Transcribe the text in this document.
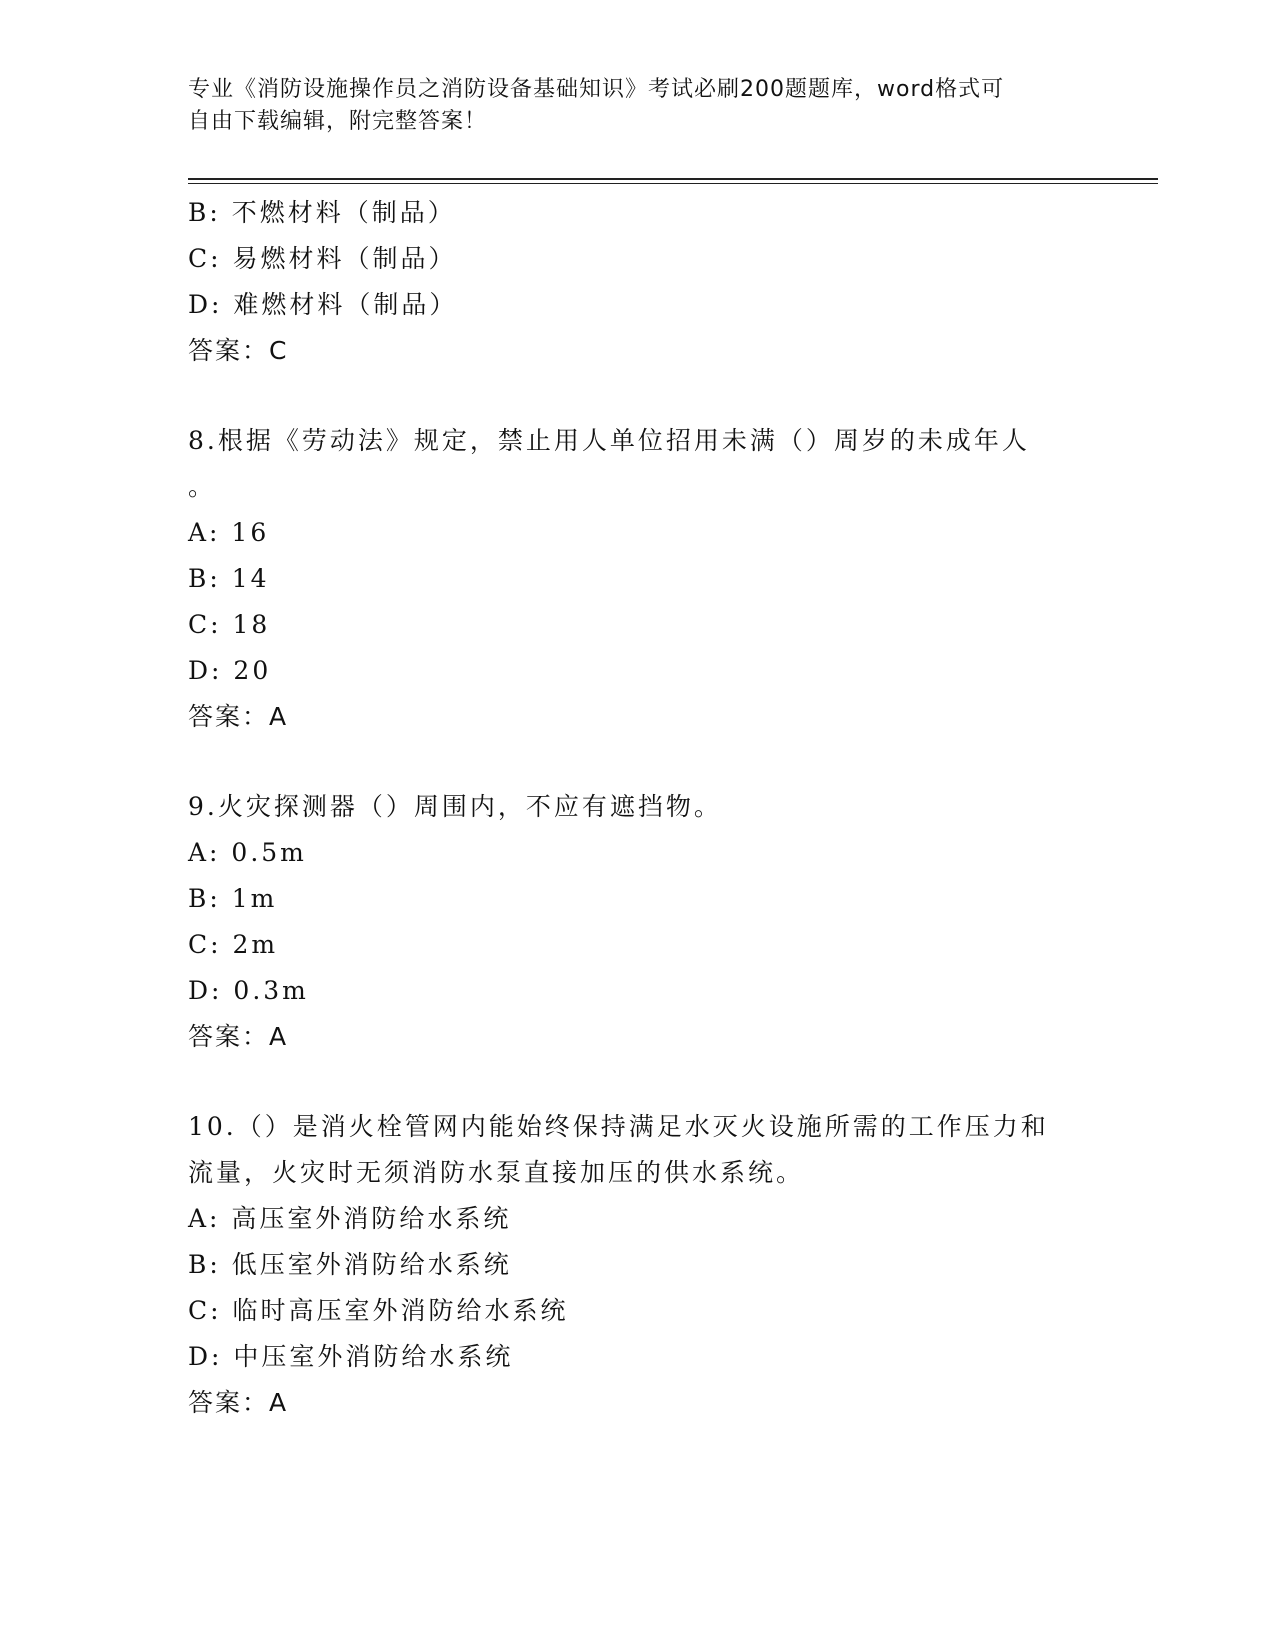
专业《消防设施操作员之消防设备基础知识》考试必刷200题题库，word格式可
自由下载编辑，附完整答案！
B: 不燃材料（制品）
C: 易燃材料（制品）
D: 难燃材料（制品）
答案：C
8.根据《劳动法》规定，禁止用人单位招用未满（）周岁的未成年人
。
A: 16
B: 14
C: 18
D: 20
答案：A
9.火灾探测器（）周围内，不应有遮挡物。
A: 0.5m
B: 1m
C: 2m
D: 0.3m
答案：A
10.（）是消火栓管网内能始终保持满足水灭火设施所需的工作压力和
流量，火灾时无须消防水泵直接加压的供水系统。
A: 高压室外消防给水系统
B: 低压室外消防给水系统
C: 临时高压室外消防给水系统
D: 中压室外消防给水系统
答案：A
